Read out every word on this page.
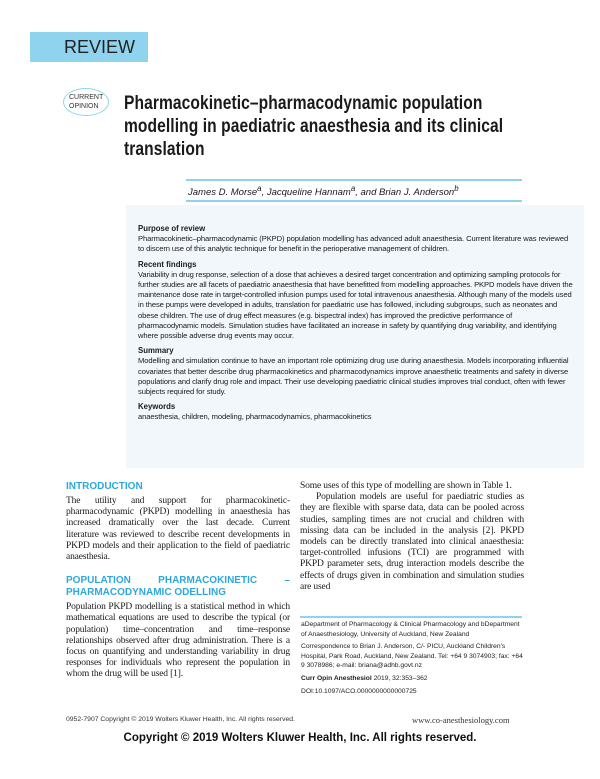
REVIEW
CURRENT
OPINION	Pharmacokinetic–pharmacodynamic population modelling in paediatric anaesthesia and its clinical translation
James D. Morse$^a$, Jacqueline Hannam$^a$, and Brian J. Anderson$^b$
Purpose of review

Pharmacokinetic–pharmacodynamic (PKPD) population modelling has advanced adult anaesthesia. Current literature was reviewed to discern use of this analytic technique for benefit in the perioperative management of children.

Recent findings

Variability in drug response, selection of a dose that achieves a desired target concentration and optimizing sampling protocols for further studies are all facets of paediatric anaesthesia that have benefitted from modelling approaches. PKPD models have driven the maintenance dose rate in target-controlled infusion pumps used for total intravenous anaesthesia. Although many of the models used in these pumps were developed in adults, translation for paediatric use has followed, including subgroups, such as neonates and obese children. The use of drug effect measures (e.g. bispectral index) has improved the predictive performance of pharmacodynamic models. Simulation studies have facilitated an increase in safety by quantifying drug variability, and identifying where possible adverse drug events may occur.

Summary

Modelling and simulation continue to have an important role optimizing drug use during anaesthesia. Models incorporating influential covariates that better describe drug pharmacokinetics and pharmacodynamics improve anaesthetic treatments and safety in diverse populations and clarify drug role and impact. Their use developing paediatric clinical studies improves trial conduct, often with fewer subjects required for study.

Keywords

anaesthesia, children, modeling, pharmacodynamics, pharmacokinetics

INTRODUCTION

The utility and support for pharmacokinetic-pharmacodynamic (PKPD) modelling in anaesthesia has increased dramatically over the last decade. Current literature was reviewed to describe recent developments in PKPD models and their application to the field of paediatric anaesthesia.

POPULATION PHARMACOKINETIC – PHARMACODYNAMIC ODELLING

Population PKPD modelling is a statistical method in which mathematical equations are used to describe the typical (or population) time–concentration and time–response relationships observed after drug administration. There is a focus on quantifying and understanding variability in drug responses for individuals who represent the population in whom the drug will be used [1].

Some uses of this type of modelling are shown in Table 1.

Population models are useful for paediatric studies as they are flexible with sparse data, data can be pooled across studies, sampling times are not crucial and children with missing data can be included in the analysis [2]. PKPD models can be directly translated into clinical anaesthesia: target-controlled infusions (TCI) are programmed with PKPD parameter sets, drug interaction models describe the effects of drugs given in combination and simulation studies are used

aDepartment of Pharmacology & Clinical Pharmacology and bDepartment of Anaesthesiology, University of Auckland, New Zealand

Correspondence to Brian J. Anderson, C/- PICU, Auckland Children's Hospital, Park Road, Auckland, New Zealand. Tel: +64 9 3074903; fax: +64 9 3078986; e-mail: briana@adhb.govt.nz

Curr Opin Anesthesiol 2019, 32:353–362

DOI:10.1097/ACO.0000000000000725

0952-7907 Copyright © 2019 Wolters Kluwer Health, Inc. All rights reserved.	www.co-anesthesiology.com
Copyright © 2019 Wolters Kluwer Health, Inc. All rights reserved.
